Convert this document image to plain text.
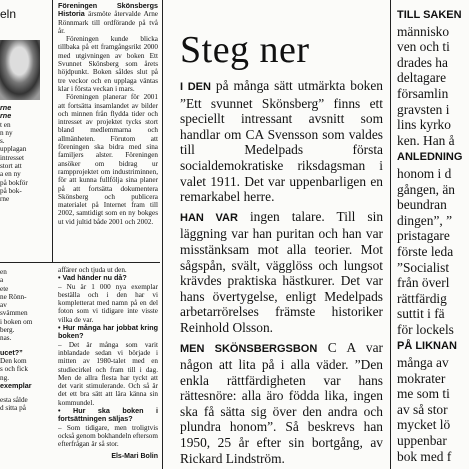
eln
rne
rne
t en
n ny
s.
upplagan
intresset
stort att
a en ny
på bokför
på bok-
rne

Föreningen Skönsbergs Historia ärsmöte återvalde Arne Rönnmark till ordförande på två år.

Föreningen kunde blicka tillbaka på ett framgångsrikt 2000 med utgivningen av boken Ett Svunnet Skönsberg som årets höjdpunkt. Boken såldes slut på tre veckor och en upplaga väntas klar i första veckan i mars.

Föreningen planerar för 2001 att fortsätta insamlandet av bilder och minnen från flydda tider och intresset av projektet tycks stort bland medlemmarna och allmänheten. Förutom att föreningen ska bidra med sina familjers alster. Föreningen ansöker om bidrag ur rampprojektet om industriminnen, för att kunna fullfölja sina planer på att fortsätta dokumentera Skönsberg och publicera materialet på Internet fram till 2002, samtidigt som en ny bokges ut vid jultid både 2001 och 2002.

en
a
ete
ne Rönn-
av
svämmen
i boken om
berg.
nas.
ucet?”
Den kom
s och fick
ng.
exemplar
esta sålde
d sitta på

affärer och tjuda ut den.

• Vad händer nu då?

– Nu är 1 000 nya exemplar beställa och i den har vi kompletterat med namn på en del foton som vi tidigare inte visste vilka de var.

• Hur många har jobbat kring boken?

– Det är många som varit inblandade sedan vi började i mitten av 1980-talet med en studiecirkel och fram till i dag. Men de allra flesta har tyckt att det varit stimulerande. Och så är det ett bra sätt att lära känna sin kommundel.

• Hur ska boken i fortsättningen säljas?

– Som tidigare, men troligtvis också genom bokhandeln eftersom efterfrågan är så stor.

Els-Mari Bolin
Steg ner

I DEN på många sätt utmärkta boken ”Ett svunnet Skönsberg” finns ett speciellt intressant avsnitt som handlar om CA Svensson som valdes till Medelpads första socialdemokratiske riksdagsman i valet 1911. Det var uppenbarligen en remarkabel herre.

HAN VAR ingen talare. Till sin läggning var han puritan och han var misstänksam mot alla teorier. Mot sågspån, svält, vägglöss och lungsot krävdes praktiska hästkurer. Det var hans övertygelse, enligt Medelpads arbetarrörelses främste historiker Reinhold Olsson.

MEN SKÖNSBERGSBON C A var någon att lita på i alla väder. ”Den enkla rättfärdigheten var hans rättesnöre: alla äro födda lika, ingen ska få sätta sig över den andra och plundra honom”. Så beskrevs han 1950, 25 år efter sin bortgång, av Rickard Lindström.

TILL SAKEN
människo
ven och ti
drades ha
deltagare
församlin
gravsten i
lins kyrko
ken. Han å
ANLEDNING
honom i d
gången, än
beundran
dingen”, ”
pristagare
förste leda
”Socialist
från överl
rättfärdig
suttit i fä
för lockels
PÅ LIKNAN
många av
mokrater
me som ti
av så stor
mycket lö
uppenbar
bok med f
